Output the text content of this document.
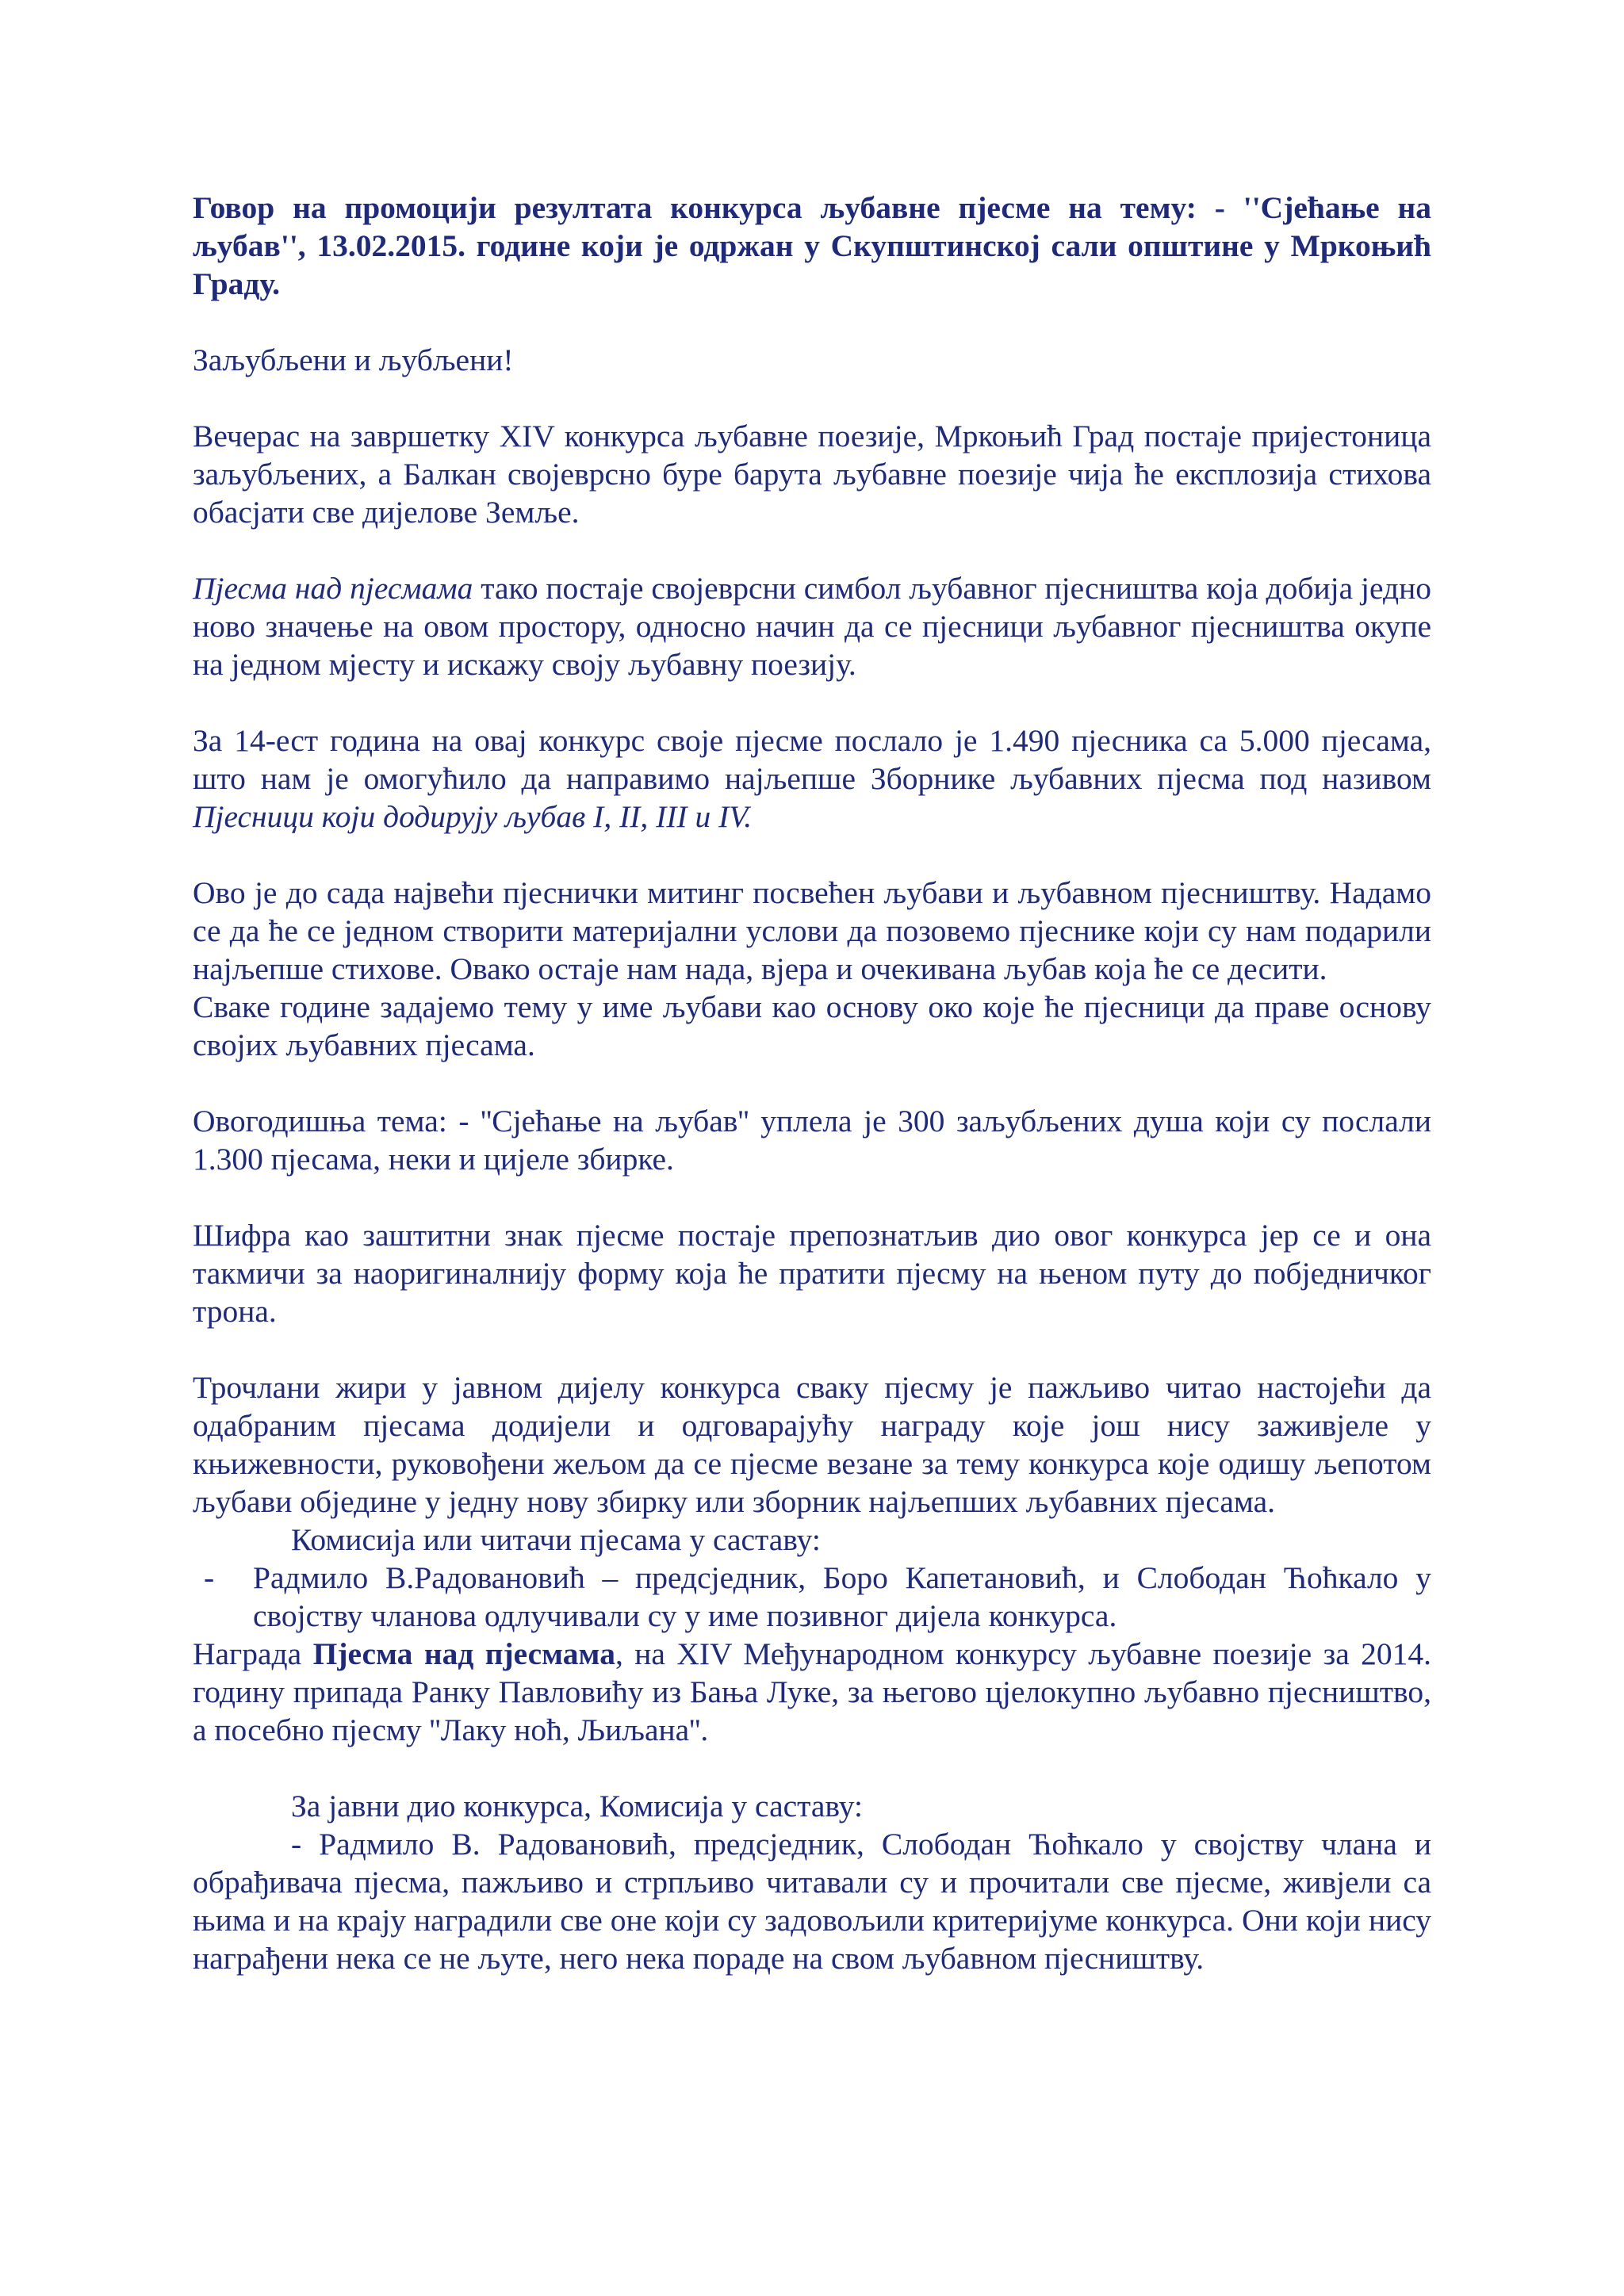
Говор на промоцији резултата конкурса љубавне пјесме на тему: - ''Сјећање на љубав'', 13.02.2015. године који је одржан у Скупштинској сали општине у Мркоњић Граду.

Заљубљени и љубљени!

Вечерас на завршетку XIV конкурса љубавне поезије, Мркоњић Град постаје пријестоница заљубљених, а Балкан својеврсно буре барута љубавне поезије чија ће експлозија стихова обасјати све дијелове Земље.

Пјесма над пјесмама тако постаје својеврсни симбол љубавног пјесништва која добија једно ново значење на овом простору, односно начин да се пјесници љубавног пјесништва окупе на једном мјесту и искажу своју љубавну поезију.

За 14-ест година на овај конкурс своје пјесме послало је 1.490 пјесника са 5.000 пјесама, што нам је омогућило да направимо најљепше Зборнике љубавних пјесма под називом Пјесници који додирују љубав I, II, III и IV.

Ово је до сада највећи пјеснички митинг посвећен љубави и љубавном пјесништву. Надамо се да ће се једном створити материјални услови да позовемо пјеснике који су нам подарили најљепше стихове. Овако остаје нам нада, вјера и очекивана љубав која ће се десити.

Сваке године задајемо тему у име љубави као основу око које ће пјесници да праве основу својих љубавних пјесама.

Овогодишња тема: - ''Сјећање на љубав'' уплела је 300 заљубљених душа који су послали 1.300 пјесама, неки и цијеле збирке.

Шифра као заштитни знак пјесме постаје препознатљив дио овог конкурса јер се и она такмичи за наоригиналнију форму која ће пратити пјесму на њеном путу до побједничког трона.

Трочлани жири у јавном дијелу конкурса сваку пјесму је пажљиво читао настојећи да одабраним пјесама додијели и одговарајућу награду које још нису заживјеле у књижевности, руковођени жељом да се пјесме везане за тему конкурса које одишу љепотом љубави објединe у једну нову збирку или зборник најљепших љубавних пјесама.

Комисија или читачи пјесама у саставу:

-	Радмило В.Радовановић – предсједник, Боро Капетановић, и Слободан Ћоћкало у својству чланова одлучивали су у име позивног дијела конкурса.

Награда Пјесма над пјесмама, на XIV Међународном конкурсу љубавне поезије за 2014. годину припада Ранку Павловићу из Бања Луке, за његово цјелокупно љубавно пјесништво, а посебно пјесму ''Лаку ноћ, Љиљана''.

За јавни дио конкурса, Комисија у саставу:

- Радмило В. Радовановић, предсједник, Слободан Ћоћкало у својству члана и обрађивача пјесма, пажљиво и стрпљиво читавали су и прочитали све пјесме, живјели са њима и на крају наградили све оне који су задовољили критеријуме конкурса. Они који нису награђени нека се не љуте, него нека пораде на свом љубавном пјесништву.
